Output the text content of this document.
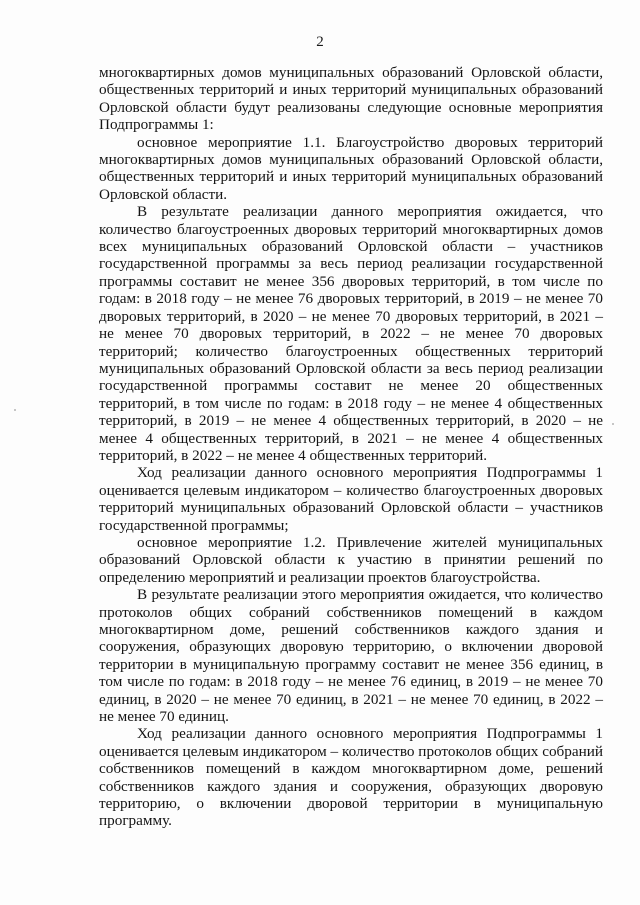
2

многоквартирных домов муниципальных образований Орловской области, общественных территорий и иных территорий муниципальных образований Орловской области будут реализованы следующие основные мероприятия Подпрограммы 1:

основное мероприятие 1.1. Благоустройство дворовых территорий многоквартирных домов муниципальных образований Орловской области, общественных территорий и иных территорий муниципальных образований Орловской области.

В результате реализации данного мероприятия ожидается, что количество благоустроенных дворовых территорий многоквартирных домов всех муниципальных образований Орловской области – участников государственной программы за весь период реализации государственной программы составит не менее 356 дворовых территорий, в том числе по годам: в 2018 году – не менее 76 дворовых территорий, в 2019 – не менее 70 дворовых территорий, в 2020 – не менее 70 дворовых территорий, в 2021 – не менее 70 дворовых территорий, в 2022 – не менее 70 дворовых территорий; количество благоустроенных общественных территорий муниципальных образований Орловской области за весь период реализации государственной программы составит не менее 20 общественных территорий, в том числе по годам: в 2018 году – не менее 4 общественных территорий, в 2019 – не менее 4 общественных территорий, в 2020 – не менее 4 общественных территорий, в 2021 – не менее 4 общественных территорий, в 2022 – не менее 4 общественных территорий.

Ход реализации данного основного мероприятия Подпрограммы 1 оценивается целевым индикатором – количество благоустроенных дворовых территорий муниципальных образований Орловской области – участников государственной программы;

основное мероприятие 1.2. Привлечение жителей муниципальных образований Орловской области к участию в принятии решений по определению мероприятий и реализации проектов благоустройства.

В результате реализации этого мероприятия ожидается, что количество протоколов общих собраний собственников помещений в каждом многоквартирном доме, решений собственников каждого здания и сооружения, образующих дворовую территорию, о включении дворовой территории в муниципальную программу составит не менее 356 единиц, в том числе по годам: в 2018 году – не менее 76 единиц, в 2019 – не менее 70 единиц, в 2020 – не менее 70 единиц, в 2021 – не менее 70 единиц, в 2022 – не менее 70 единиц.

Ход реализации данного основного мероприятия Подпрограммы 1 оценивается целевым индикатором – количество протоколов общих собраний собственников помещений в каждом многоквартирном доме, решений собственников каждого здания и сооружения, образующих дворовую территорию, о включении дворовой территории в муниципальную программу.
